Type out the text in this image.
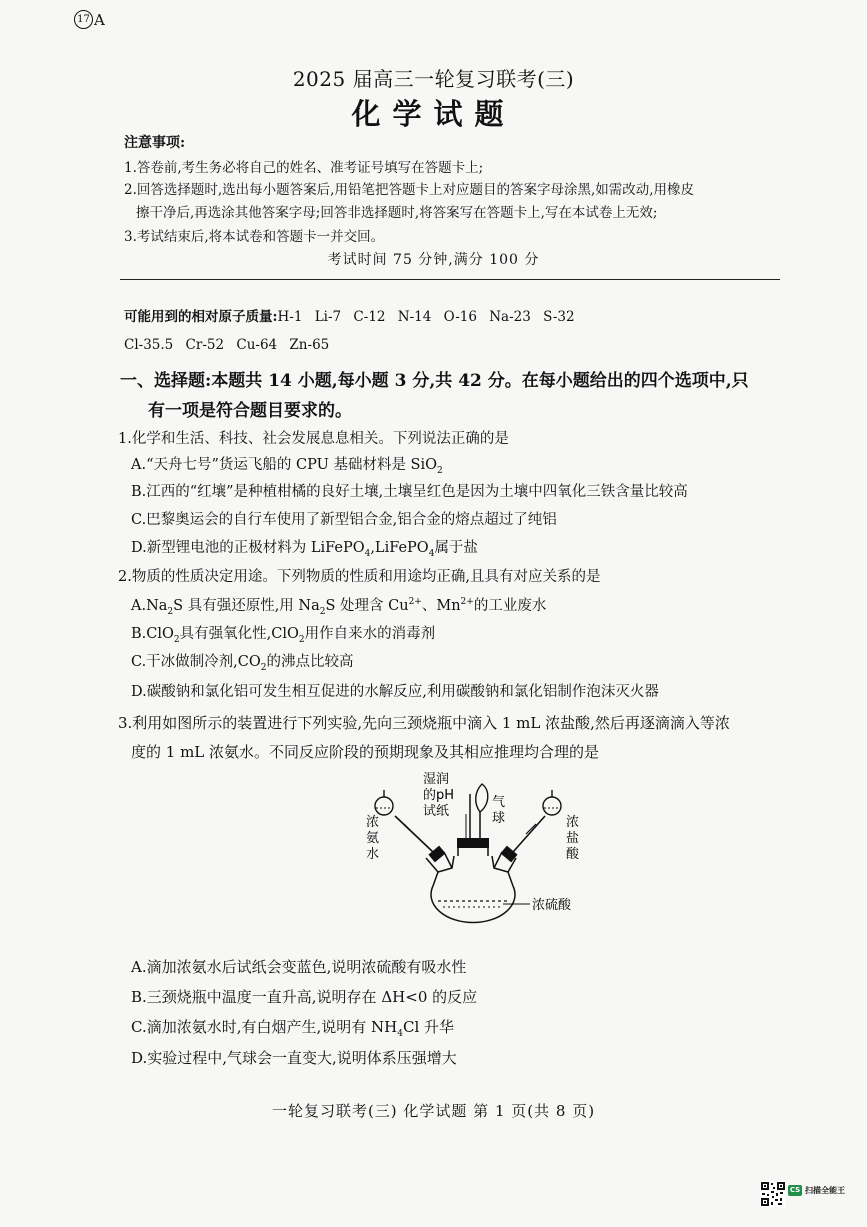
17 A
2025 届高三一轮复习联考(三)
化学试题
注意事项:
1.答卷前,考生务必将自己的姓名、准考证号填写在答题卡上;
2.回答选择题时,选出每小题答案后,用铅笔把答题卡上对应题目的答案字母涂黑,如需改动,用橡皮
擦干净后,再选涂其他答案字母;回答非选择题时,将答案写在答题卡上,写在本试卷上无效;
3.考试结束后,将本试卷和答题卡一并交回。
考试时间 75 分钟,满分 100 分
可能用到的相对原子质量:H-1 Li-7 C-12 N-14 O-16 Na-23 S-32
Cl-35.5 Cr-52 Cu-64 Zn-65
一、选择题:本题共 14 小题,每小题 3 分,共 42 分。在每小题给出的四个选项中,只
有一项是符合题目要求的。
1.化学和生活、科技、社会发展息息相关。下列说法正确的是
A.“天舟七号”货运飞船的 CPU 基础材料是 SiO$_2$
B.江西的“红壤”是种植柑橘的良好土壤,土壤呈红色是因为土壤中四氧化三铁含量比较高
C.巴黎奥运会的自行车使用了新型铝合金,铝合金的熔点超过了纯铝
D.新型锂电池的正极材料为 LiFePO$_4$,LiFePO$_4$属于盐
2.物质的性质决定用途。下列物质的性质和用途均正确,且具有对应关系的是
$A.Na_2S$ 具有强还原性,用 $Na_2S$ 处理含 $Cu^{2+}$、$Mn^{2+}$的工业废水
B.ClO$_2$具有强氧化性,ClO$_2$用作自来水的消毒剂
C.干冰做制冷剂$,CO_2$的沸点比较高
D.碳酸钠和氯化铝可发生相互促进的水解反应,利用碳酸钠和氯化铝制作泡沫灭火器
3.利用如图所示的装置进行下列实验,先向三颈烧瓶中滴入 1 mL 浓盐酸,然后再逐滴滴入等浓
度的 1 mL 浓氨水。不同反应阶段的预期现象及其相应推理均合理的是
湿润
的pH
试纸
气
球
浓
氨
水
浓
盐
酸
浓硫酸
A.滴加浓氨水后试纸会变蓝色,说明浓硫酸有吸水性
B.三颈烧瓶中温度一直升高,说明存在 ΔH<0 的反应
C.滴加浓氨水时,有白烟产生,说明有 $NH_4Cl$ 升华
D.实验过程中,气球会一直变大,说明体系压强增大
一轮复习联考(三) 化学试题 第 1 页(共 8 页)
CS 扫描全能王
